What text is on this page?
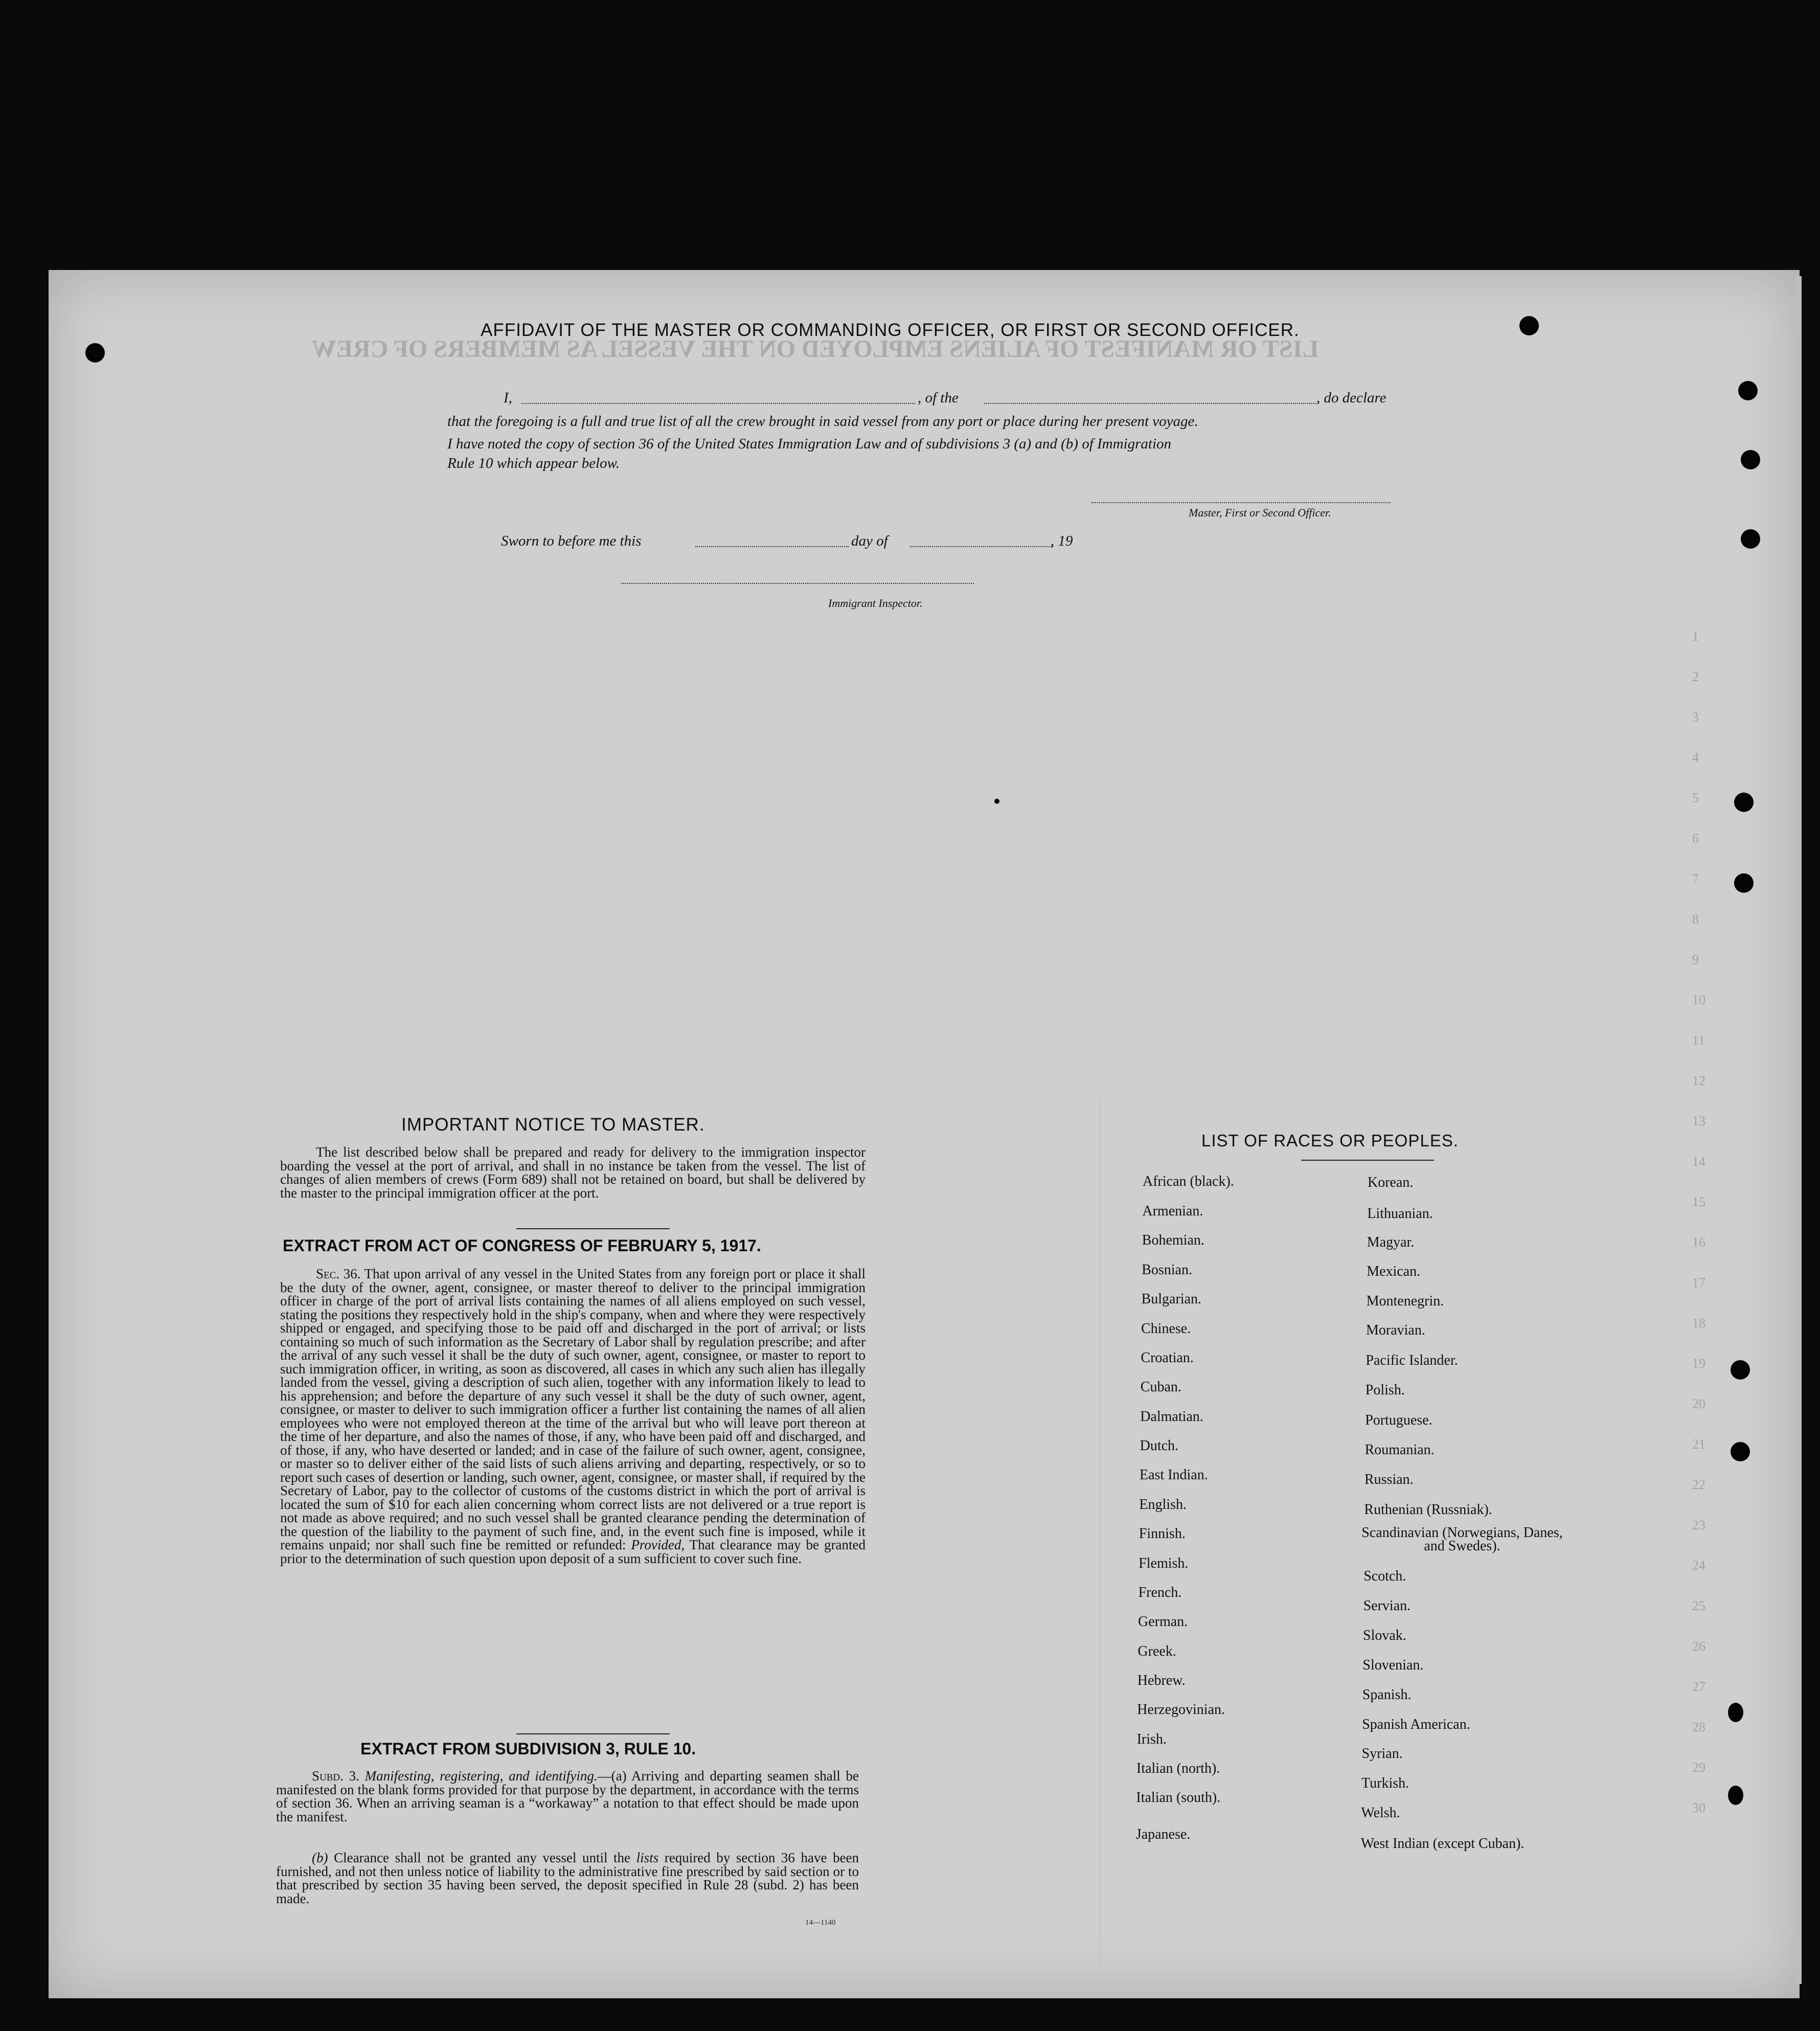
LIST OR MANIFEST OF ALIENS EMPLOYED ON THE VESSEL AS MEMBERS OF CREW
1
2
3
4
5
6
7
8
9
10
11
12
13
14
15
16
17
18
19
20
21
22
23
24
25
26
27
28
29
30
AFFIDAVIT OF THE MASTER OR COMMANDING OFFICER, OR FIRST OR SECOND OFFICER.
I,	, of the	, do declare
that the foregoing is a full and true list of all the crew brought in said vessel from any port or place during her present voyage.
I have noted the copy of section 36 of the United States Immigration Law and of subdivisions 3 (a) and (b) of Immigration
Rule 10 which appear below.
Master, First or Second Officer.
Sworn to before me this	day of	, 19
Immigrant Inspector.
IMPORTANT NOTICE TO MASTER.
The list described below shall be prepared and ready for delivery to the immigration inspector boarding the vessel at the port of arrival, and shall in no instance be taken from the vessel. The list of changes of alien members of crews (Form 689) shall not be retained on board, but shall be delivered by the master to the principal immigration officer at the port.
EXTRACT FROM ACT OF CONGRESS OF FEBRUARY 5, 1917.
Sec. 36. That upon arrival of any vessel in the United States from any foreign port or place it shall be the duty of the owner, agent, consignee, or master thereof to deliver to the principal immigration officer in charge of the port of arrival lists containing the names of all aliens employed on such vessel, stating the positions they respectively hold in the ship's company, when and where they were respectively shipped or engaged, and specifying those to be paid off and discharged in the port of arrival; or lists containing so much of such information as the Secretary of Labor shall by regulation prescribe; and after the arrival of any such vessel it shall be the duty of such owner, agent, consignee, or master to report to such immigration officer, in writing, as soon as discovered, all cases in which any such alien has illegally landed from the vessel, giving a description of such alien, together with any information likely to lead to his apprehension; and before the departure of any such vessel it shall be the duty of such owner, agent, consignee, or master to deliver to such immigration officer a further list containing the names of all alien employees who were not employed thereon at the time of the arrival but who will leave port thereon at the time of her departure, and also the names of those, if any, who have been paid off and discharged, and of those, if any, who have deserted or landed; and in case of the failure of such owner, agent, consignee, or master so to deliver either of the said lists of such aliens arriving and departing, respectively, or so to report such cases of desertion or landing, such owner, agent, consignee, or master shall, if required by the Secretary of Labor, pay to the collector of customs of the customs district in which the port of arrival is located the sum of $10 for each alien concerning whom correct lists are not delivered or a true report is not made as above required; and no such vessel shall be granted clearance pending the determination of the question of the liability to the payment of such fine, and, in the event such fine is imposed, while it remains unpaid; nor shall such fine be remitted or refunded: Provided, That clearance may be granted prior to the determination of such question upon deposit of a sum sufficient to cover such fine.
EXTRACT FROM SUBDIVISION 3, RULE 10.
Subd. 3. Manifesting, registering, and identifying.—(a) Arriving and departing seamen shall be manifested on the blank forms provided for that purpose by the department, in accordance with the terms of section 36. When an arriving seaman is a “workaway” a notation to that effect should be made upon the manifest.
(b) Clearance shall not be granted any vessel until the lists required by section 36 have been furnished, and not then unless notice of liability to the administrative fine prescribed by said section or to that prescribed by section 35 having been served, the deposit specified in Rule 28 (subd. 2) has been made.
14—1140
LIST OF RACES OR PEOPLES.
African (black).
Armenian.
Bohemian.
Bosnian.
Bulgarian.
Chinese.
Croatian.
Cuban.
Dalmatian.
Dutch.
East Indian.
English.
Finnish.
Flemish.
French.
German.
Greek.
Hebrew.
Herzegovinian.
Irish.
Italian (north).
Italian (south).
Japanese.
Korean.
Lithuanian.
Magyar.
Mexican.
Montenegrin.
Moravian.
Pacific Islander.
Polish.
Portuguese.
Roumanian.
Russian.
Ruthenian (Russniak).
Scandinavian (Norwegians, Danes, and Swedes).
Scotch.
Servian.
Slovak.
Slovenian.
Spanish.
Spanish American.
Syrian.
Turkish.
Welsh.
West Indian (except Cuban).
